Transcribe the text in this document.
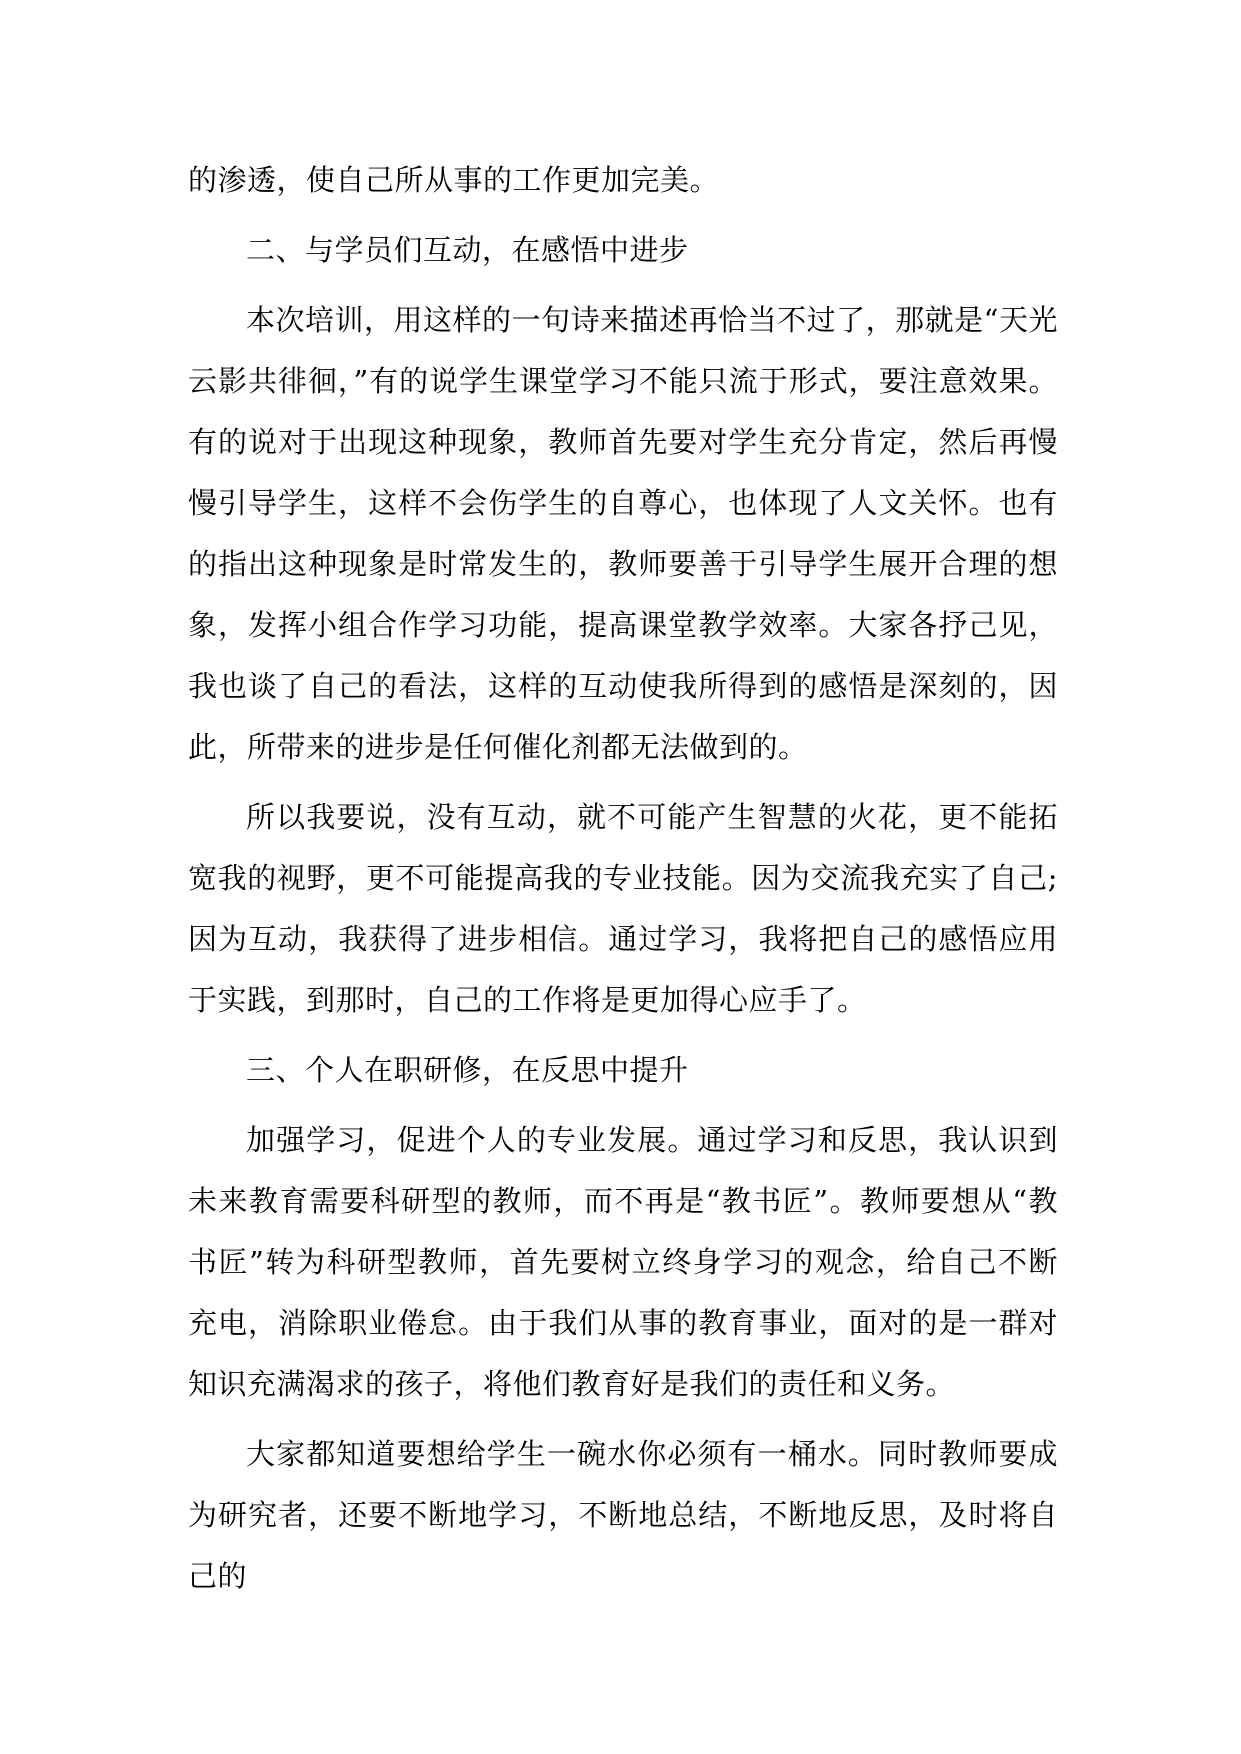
的渗透，使自己所从事的工作更加完美。

二、与学员们互动，在感悟中进步

本次培训，用这样的一句诗来描述再恰当不过了，那就是“天光云影共徘徊，”有的说学生课堂学习不能只流于形式，要注意效果。有的说对于出现这种现象，教师首先要对学生充分肯定，然后再慢慢引导学生，这样不会伤学生的自尊心，也体现了人文关怀。也有的指出这种现象是时常发生的，教师要善于引导学生展开合理的想象，发挥小组合作学习功能，提高课堂教学效率。大家各抒己见，我也谈了自己的看法，这样的互动使我所得到的感悟是深刻的，因此，所带来的进步是任何催化剂都无法做到的。

所以我要说，没有互动，就不可能产生智慧的火花，更不能拓宽我的视野，更不可能提高我的专业技能。因为交流我充实了自己;因为互动，我获得了进步相信。通过学习，我将把自己的感悟应用于实践，到那时，自己的工作将是更加得心应手了。

三、个人在职研修，在反思中提升

加强学习，促进个人的专业发展。通过学习和反思，我认识到未来教育需要科研型的教师，而不再是“教书匠”。教师要想从“教书匠”转为科研型教师，首先要树立终身学习的观念，给自己不断充电，消除职业倦怠。由于我们从事的教育事业，面对的是一群对知识充满渴求的孩子，将他们教育好是我们的责任和义务。

大家都知道要想给学生一碗水你必须有一桶水。同时教师要成为研究者，还要不断地学习，不断地总结，不断地反思，及时将自己的
